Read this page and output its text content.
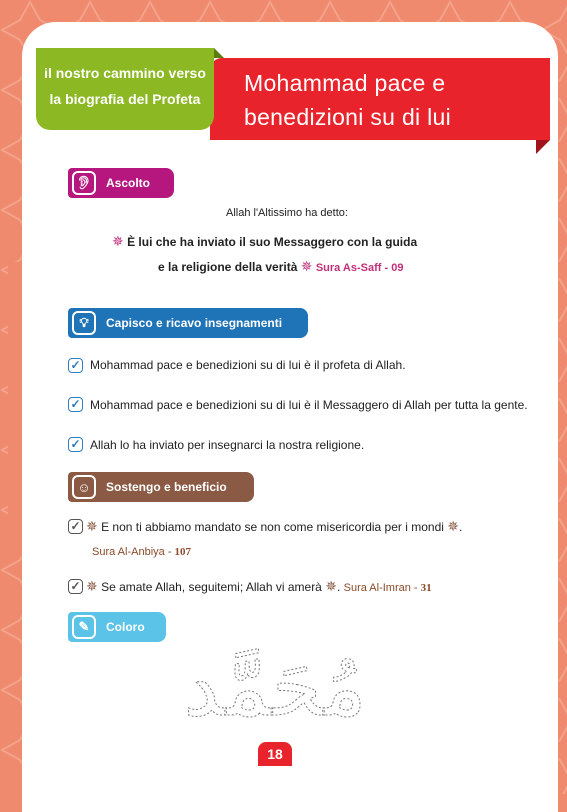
Mohammad pace e
benedizioni su di lui
il nostro cammino verso
la biografia del Profeta
👂︎	Ascolto
Allah l'Altissimo ha detto:
✵ È lui che ha inviato il suo Messaggero con la guida
e la religione della verità ✵ Sura As-Saff - 09
💡︎	Capisco e ricavo insegnamenti
✓ Mohammad pace e benedizioni su di lui è il profeta di Allah.
✓ Mohammad pace e benedizioni su di lui è il Messaggero di Allah per tutta la gente.
✓ Allah lo ha inviato per insegnarci la nostra religione.
☺	Sostengo e beneficio
✓ ✵ E non ti abbiamo mandato se non come misericordia per i mondi ✵.
Sura Al-Anbiya - 107
✓ ✵ Se amate Allah, seguitemi; Allah vi amerà ✵. Sura Al-Imran - 31
✎	Coloro
مُحَمَّد
18
